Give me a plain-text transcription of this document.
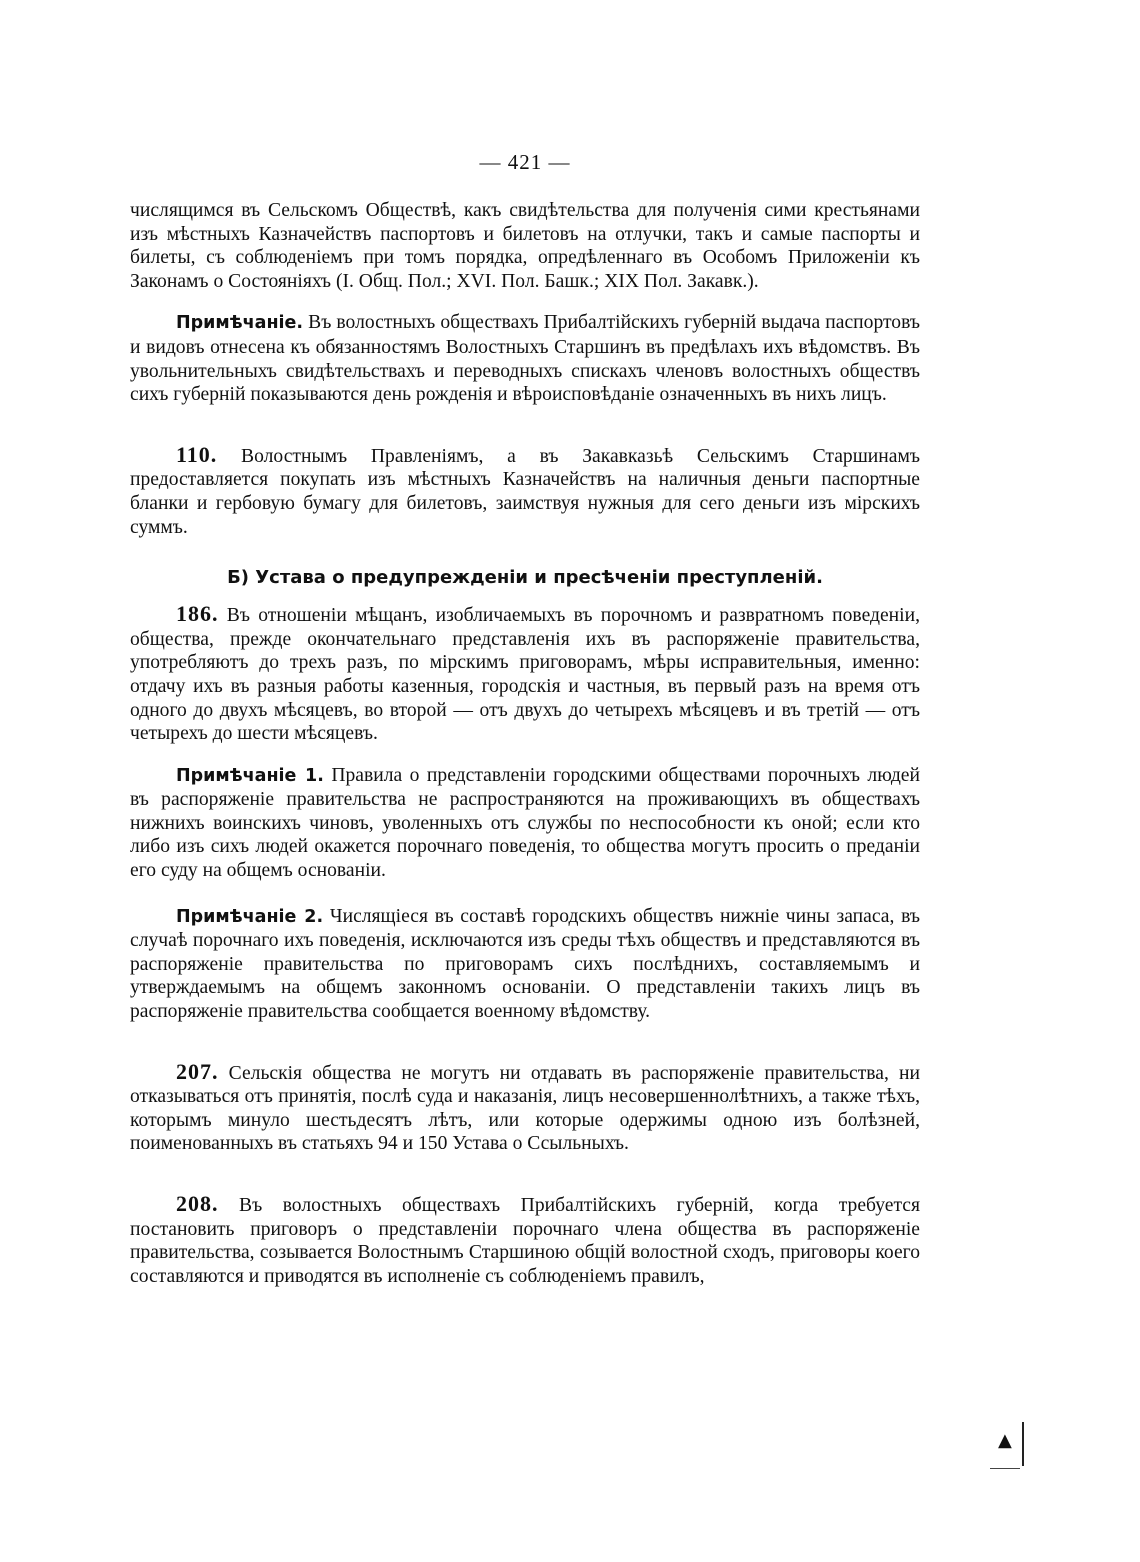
— 421 —

числящимся въ Сельскомъ Обществѣ, какъ свидѣтельства для полученія сими крестьянами изъ мѣстныхъ Казначействъ паспортовъ и билетовъ на отлучки, такъ и самые паспорты и билеты, съ соблюденіемъ при томъ порядка, опредѣленнаго въ Особомъ Приложеніи къ Законамъ о Состояніяхъ (I. Общ. Пол.; XVI. Пол. Башк.; XIX Пол. Закавк.).

Примѣчаніе. Въ волостныхъ обществахъ Прибалтійскихъ губерній выдача паспортовъ и видовъ отнесена къ обязанностямъ Волостныхъ Старшинъ въ предѣлахъ ихъ вѣдомствъ. Въ увольнительныхъ свидѣтельствахъ и переводныхъ спискахъ членовъ волостныхъ обществъ сихъ губерній показываются день рожденія и вѣроисповѣданіе означенныхъ въ нихъ лицъ.

110. Волостнымъ Правленіямъ, а въ Закавказьѣ Сельскимъ Старшинамъ предоставляется покупать изъ мѣстныхъ Казначействъ на наличныя деньги паспортные бланки и гербовую бумагу для билетовъ, заимствуя нужныя для сего деньги изъ мірскихъ суммъ.

Б) Устава о предупрежденіи и пресѣченіи преступленій.

186. Въ отношеніи мѣщанъ, изобличаемыхъ въ порочномъ и развратномъ поведеніи, общества, прежде окончательнаго представленія ихъ въ распоряженіе правительства, употребляютъ до трехъ разъ, по мірскимъ приговорамъ, мѣры исправительныя, именно: отдачу ихъ въ разныя работы казенныя, городскія и частныя, въ первый разъ на время отъ одного до двухъ мѣсяцевъ, во второй — отъ двухъ до четырехъ мѣсяцевъ и въ третій — отъ четырехъ до шести мѣсяцевъ.

Примѣчаніе 1. Правила о представленіи городскими обществами порочныхъ людей въ распоряженіе правительства не распространяются на проживающихъ въ обществахъ нижнихъ воинскихъ чиновъ, уволенныхъ отъ службы по неспособности къ оной; если кто либо изъ сихъ людей окажется порочнаго поведенія, то общества могутъ просить о преданіи его суду на общемъ основаніи.

Примѣчаніе 2. Числящіеся въ составѣ городскихъ обществъ нижніе чины запаса, въ случаѣ порочнаго ихъ поведенія, исключаются изъ среды тѣхъ обществъ и представляются въ распоряженіе правительства по приговорамъ сихъ послѣднихъ, составляемымъ и утверждаемымъ на общемъ законномъ основаніи. О представленіи такихъ лицъ въ распоряженіе правительства сообщается военному вѣдомству.

207. Сельскія общества не могутъ ни отдавать въ распоряженіе правительства, ни отказываться отъ принятія, послѣ суда и наказанія, лицъ несовершеннолѣтнихъ, а также тѣхъ, которымъ минуло шестьдесятъ лѣтъ, или которые одержимы одною изъ болѣзней, поименованныхъ въ статьяхъ 94 и 150 Устава о Ссыльныхъ.

208. Въ волостныхъ обществахъ Прибалтійскихъ губерній, когда требуется постановить приговоръ о представленіи порочнаго члена общества въ распоряженіе правительства, созывается Волостнымъ Старшиною общій волостной сходъ, приговоры коего составляются и приводятся въ исполненіе съ соблюденіемъ правилъ,

▲
